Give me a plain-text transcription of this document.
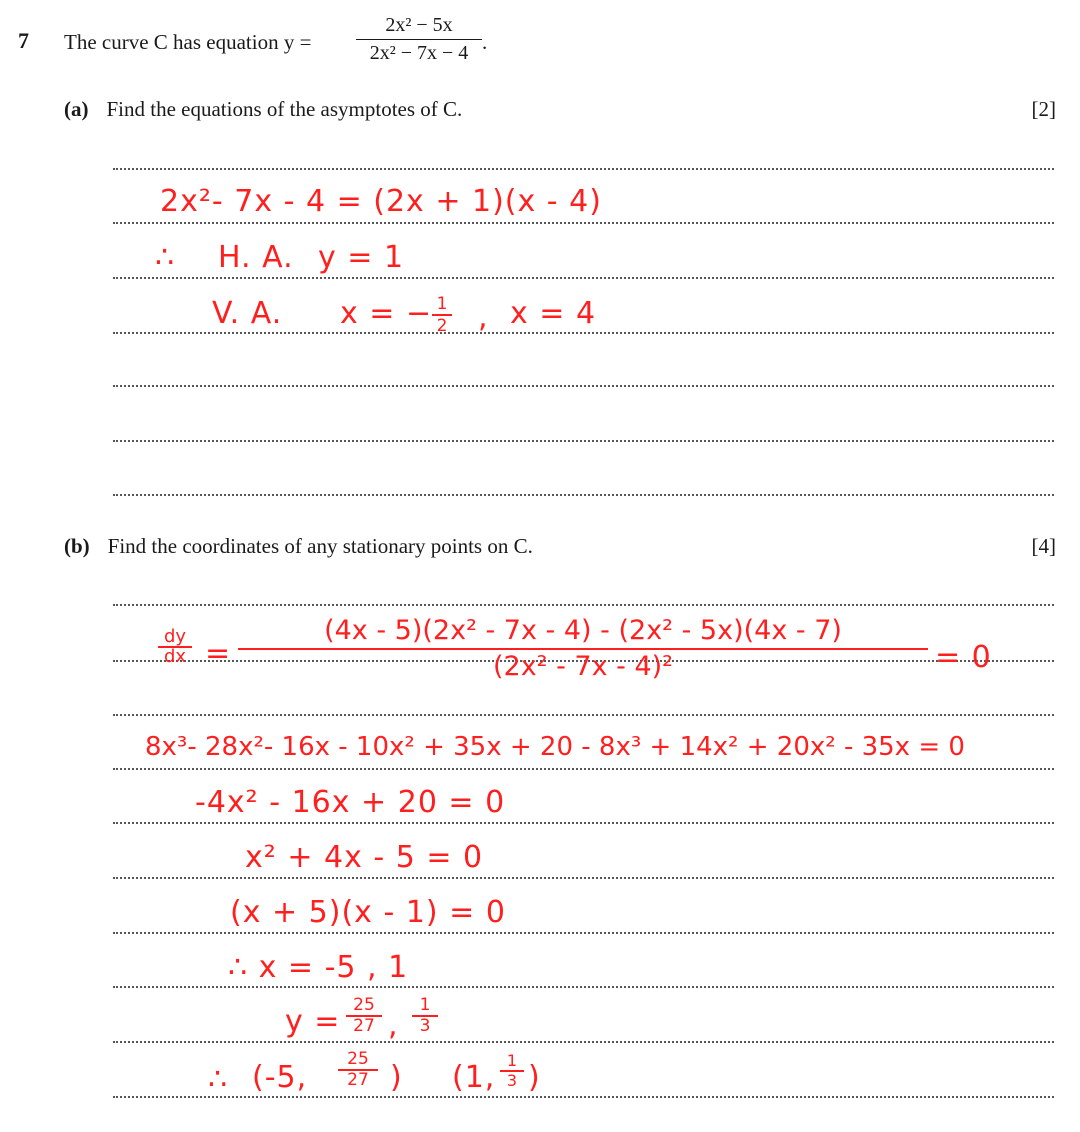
7 The curve C has equation y =
2x² − 5x
2x² − 7x − 4 .
(a) Find the equations of the asymptotes of C.	[2]
2x²- 7x - 4 = (2x + 1)(x - 4)
∴ H. A. y = 1
V. A. x = − 1
2 , x = 4
(b) Find the coordinates of any stationary points on C.	[4]
dy
dx =
(4x - 5)(2x² - 7x - 4) - (2x² - 5x)(4x - 7)
(2x² - 7x - 4)²	= 0
8x³- 28x²- 16x - 10x² + 35x + 20 - 8x³ + 14x² + 20x² - 35x = 0
-4x² - 16x + 20 = 0
x² + 4x - 5 = 0
(x + 5)(x - 1) = 0
∴ x = -5 , 1
y = 25
27 ,
1
3
∴ (-5,
25
27 ) (1, 1
3 )
